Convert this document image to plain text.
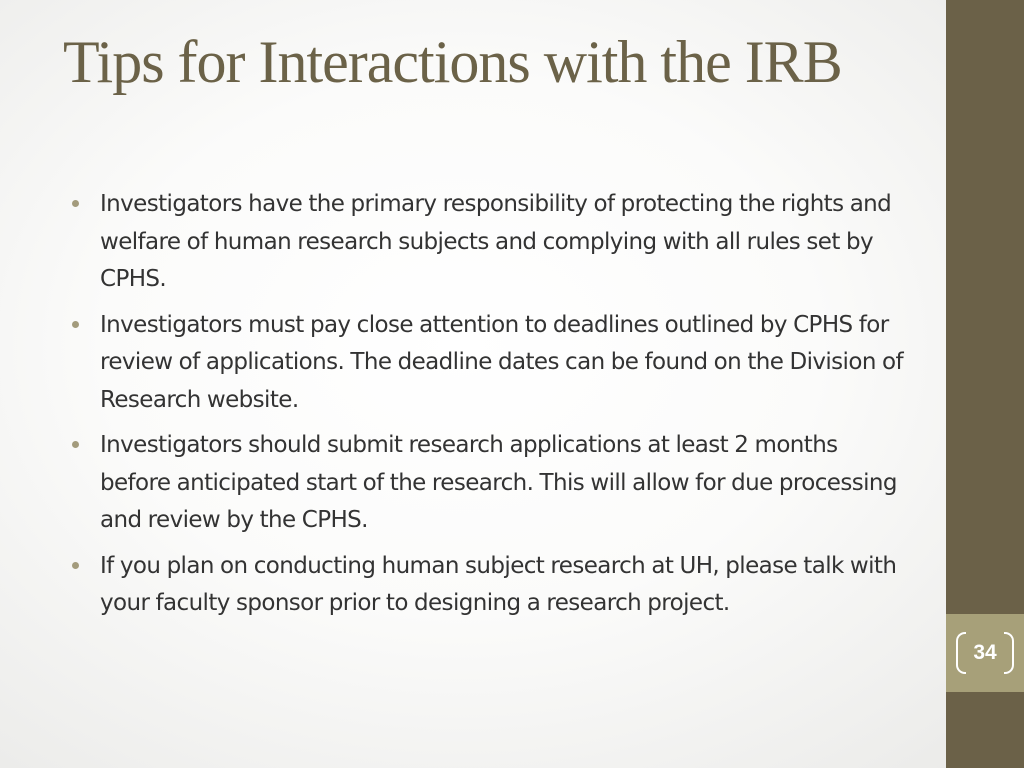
Tips for Interactions with the IRB
Investigators have the primary responsibility of protecting the rights and welfare of human research subjects and complying with all rules set by CPHS.
Investigators must pay close attention to deadlines outlined by CPHS for review of applications. The deadline dates can be found on the Division of Research website.
Investigators should submit research applications at least 2 months before anticipated start of the research. This will allow for due processing and review by the CPHS.
If you plan on conducting human subject research at UH, please talk with your faculty sponsor prior to designing a research project.
34
